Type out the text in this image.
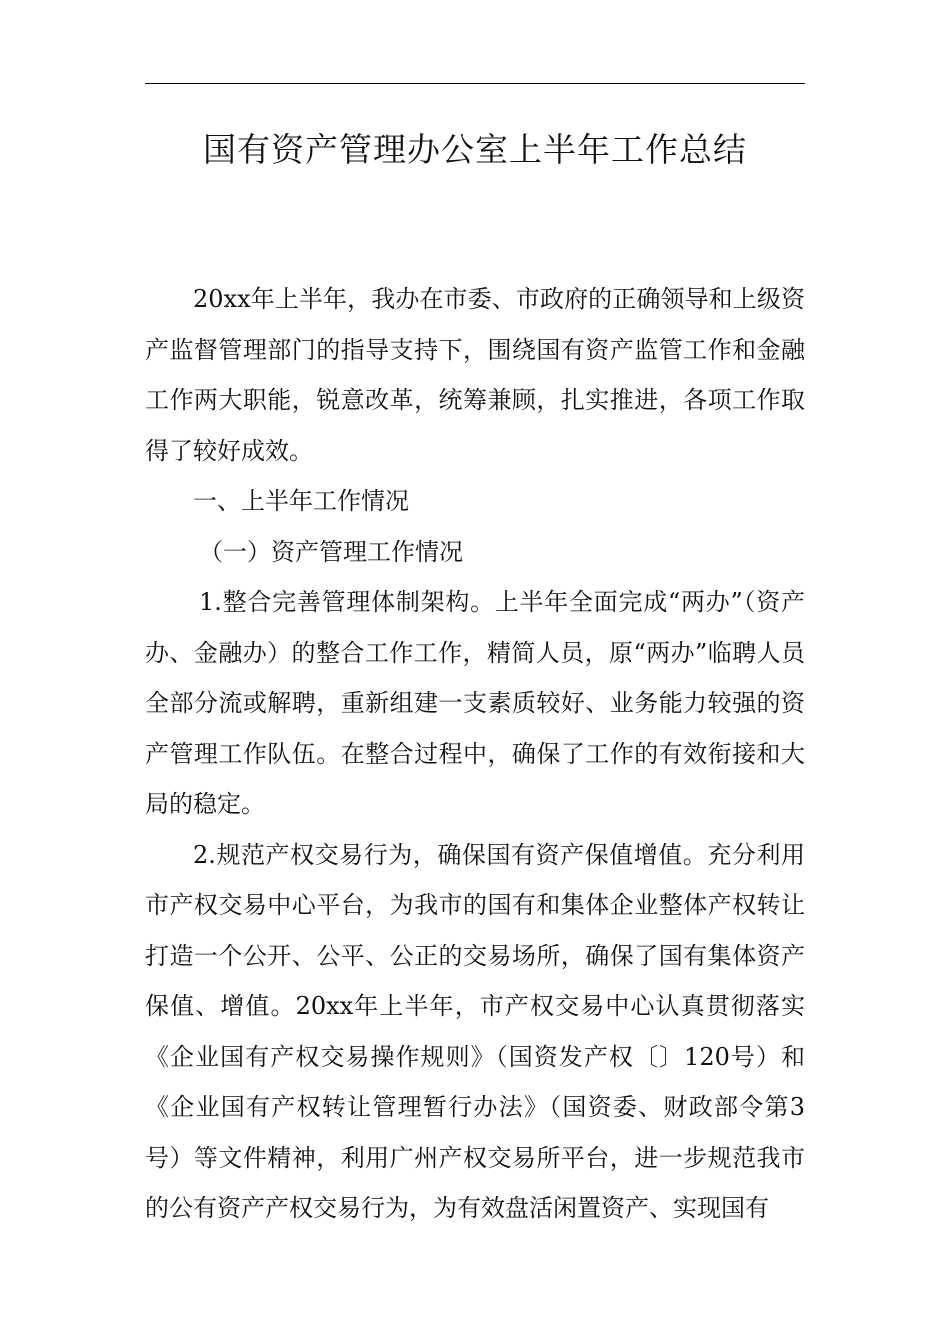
国有资产管理办公室上半年工作总结

20xx年上半年，我办在市委、市政府的正确领导和上级资产监督管理部门的指导支持下，围绕国有资产监管工作和金融工作两大职能，锐意改革，统筹兼顾，扎实推进，各项工作取得了较好成效。

一、上半年工作情况

（一）资产管理工作情况

1.整合完善管理体制架构。上半年全面完成“两办”（资产办、金融办）的整合工作工作，精简人员，原“两办”临聘人员全部分流或解聘，重新组建一支素质较好、业务能力较强的资产管理工作队伍。在整合过程中，确保了工作的有效衔接和大局的稳定。

2.规范产权交易行为，确保国有资产保值增值。充分利用市产权交易中心平台，为我市的国有和集体企业整体产权转让打造一个公开、公平、公正的交易场所，确保了国有集体资产保值、增值。20xx年上半年，市产权交易中心认真贯彻落实《企业国有产权交易操作规则》（国资发产权〔〕120号）和《企业国有产权转让管理暂行办法》（国资委、财政部令第3号）等文件精神，利用广州产权交易所平台，进一步规范我市的公有资产产权交易行为，为有效盘活闲置资产、实现国有
